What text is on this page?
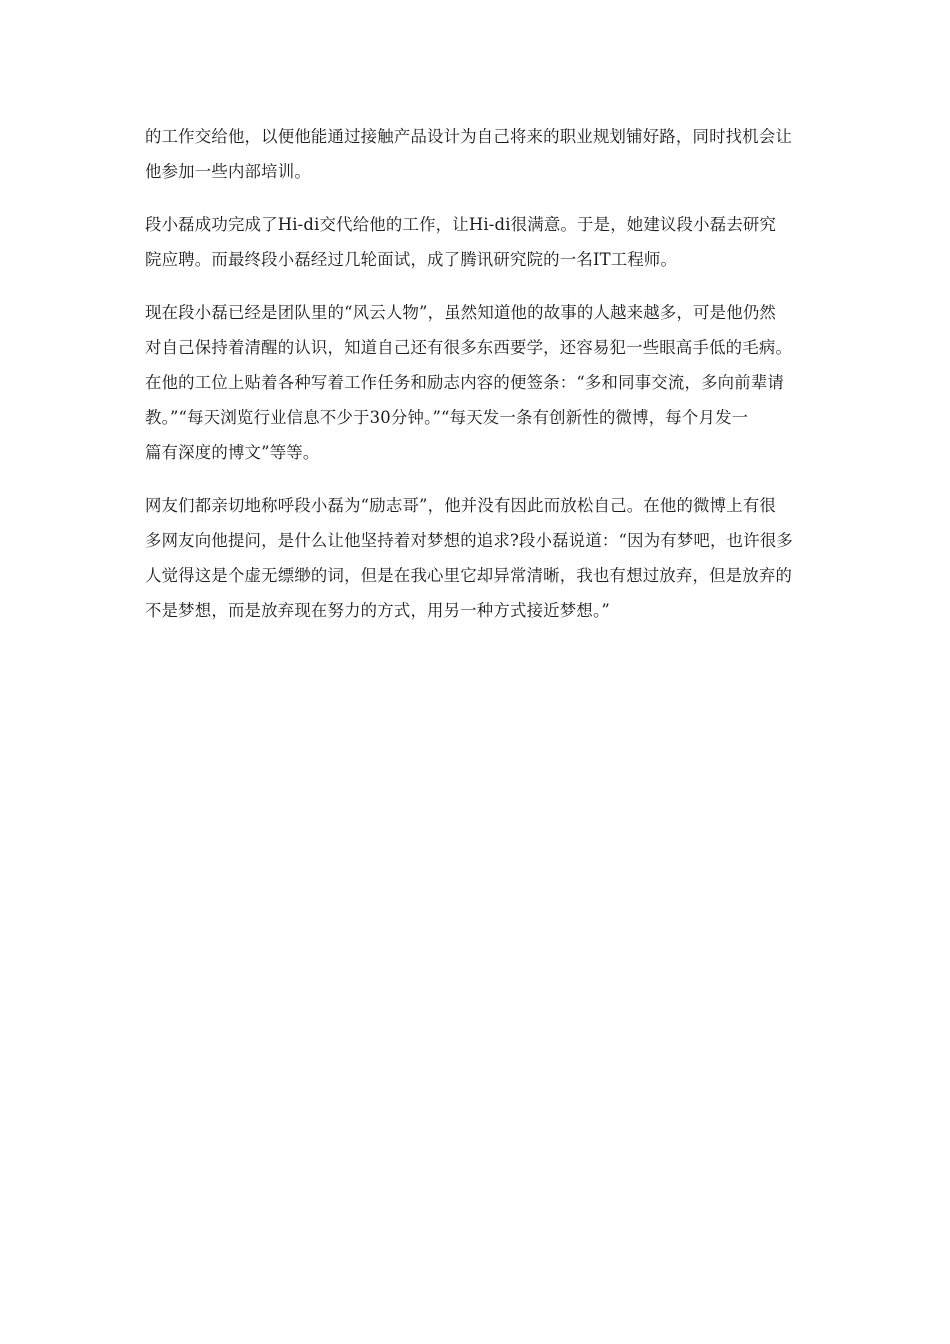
的工作交给他，以便他能通过接触产品设计为自己将来的职业规划铺好路，同时找机会让
他参加一些内部培训。

段小磊成功完成了Hi-di交代给他的工作，让Hi-di很满意。于是，她建议段小磊去研究
院应聘。而最终段小磊经过几轮面试，成了腾讯研究院的一名IT工程师。

现在段小磊已经是团队里的“风云人物”，虽然知道他的故事的人越来越多，可是他仍然
对自己保持着清醒的认识，知道自己还有很多东西要学，还容易犯一些眼高手低的毛病。
在他的工位上贴着各种写着工作任务和励志内容的便签条：“多和同事交流，多向前辈请
教。”“每天浏览行业信息不少于30分钟。”“每天发一条有创新性的微博，每个月发一
篇有深度的博文”等等。

网友们都亲切地称呼段小磊为“励志哥”，他并没有因此而放松自己。在他的微博上有很
多网友向他提问，是什么让他坚持着对梦想的追求?段小磊说道：“因为有梦吧，也许很多
人觉得这是个虚无缥缈的词，但是在我心里它却异常清晰，我也有想过放弃，但是放弃的
不是梦想，而是放弃现在努力的方式，用另一种方式接近梦想。”
